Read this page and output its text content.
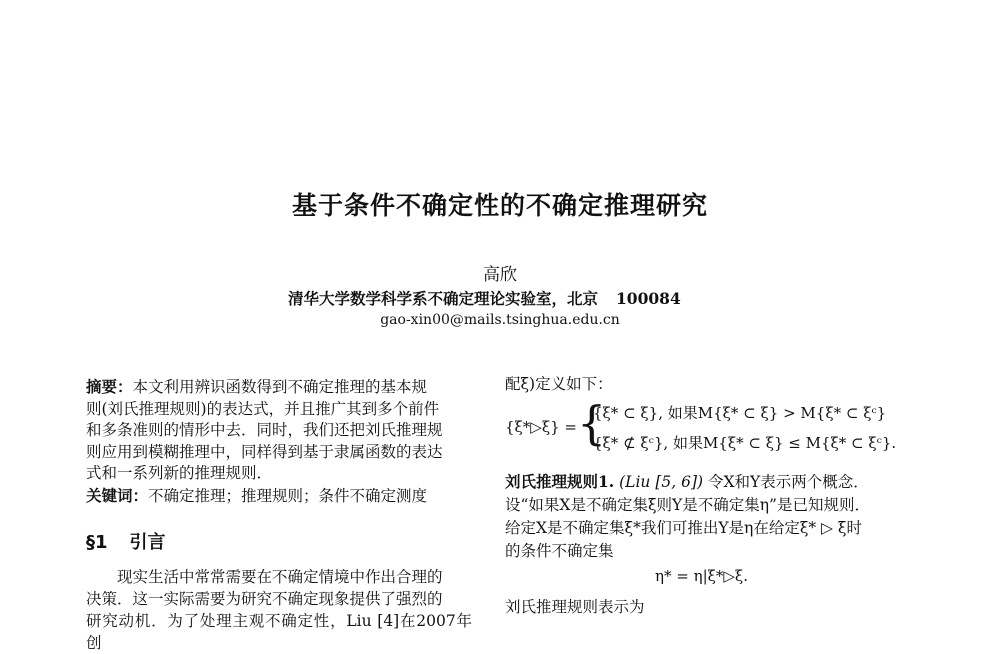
基于条件不确定性的不确定推理研究
高欣
清华大学数学科学系不确定理论实验室，北京 100084
gao-xin00@mails.tsinghua.edu.cn

摘要：本文利用辨识函数得到不确定推理的基本规

则(刘氏推理规则)的表达式，并且推广其到多个前件

和多条准则的情形中去．同时，我们还把刘氏推理规

则应用到模糊推理中，同样得到基于隶属函数的表达

式和一系列新的推理规则．

关键词：不确定推理；推理规则；条件不确定测度

§1 引言
现实生活中常常需要在不确定情境中作出合理的
决策．这一实际需要为研究不确定现象提供了强烈的
研究动机．为了处理主观不确定性，Liu [4]在2007年创
配ξ)定义如下：
{ξ*▷ξ} = {
{ξ* ⊂ ξ}, 如果M{ξ* ⊂ ξ} > M{ξ* ⊂ ξᶜ}
{ξ* ⊄ ξᶜ}, 如果M{ξ* ⊂ ξ} ≤ M{ξ* ⊂ ξᶜ}.
刘氏推理规则1. (Liu [5, 6]) 令X和Y表示两个概念．
设“如果X是不确定集ξ则Y是不确定集η”是已知规则．
给定X是不确定集ξ*我们可推出Y是η在给定ξ* ▷ ξ时
的条件不确定集
η* = η|ξ*▷ξ.
刘氏推理规则表示为
